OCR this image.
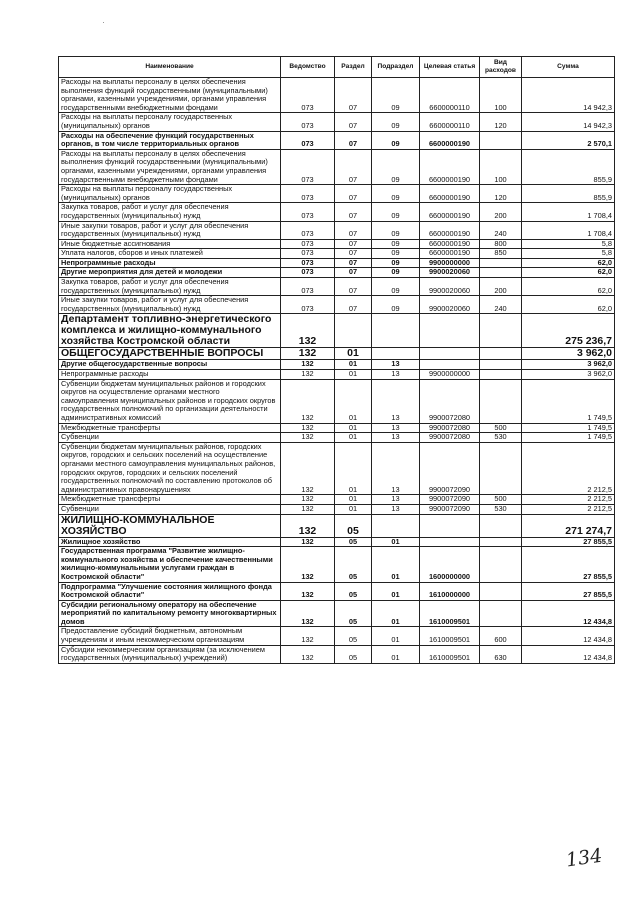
Наименование	Ведомство	Раздел	Подраздел	Целевая статья	Вид расходов	Сумма
Расходы на выплаты персоналу в целях обеспечения выполнения функций государственными (муниципальными) органами, казенными учреждениями, органами управления государственными внебюджетными фондами	073	07	09	6600000110	100	14 942,3
Расходы на выплаты персоналу государственных (муниципальных) органов	073	07	09	6600000110	120	14 942,3
Расходы на обеспечение функций государственных органов, в том числе территориальных органов	073	07	09	6600000190		2 570,1
Расходы на выплаты персоналу в целях обеспечения выполнения функций государственными (муниципальными) органами, казенными учреждениями, органами управления государственными внебюджетными фондами	073	07	09	6600000190	100	855,9
Расходы на выплаты персоналу государственных (муниципальных) органов	073	07	09	6600000190	120	855,9
Закупка товаров, работ и услуг для обеспечения государственных (муниципальных) нужд	073	07	09	6600000190	200	1 708,4
Иные закупки товаров, работ и услуг для обеспечения государственных (муниципальных) нужд	073	07	09	6600000190	240	1 708,4
Иные бюджетные ассигнования	073	07	09	6600000190	800	5,8
Уплата налогов, сборов и иных платежей	073	07	09	6600000190	850	5,8
Непрограммные расходы	073	07	09	9900000000		62,0
Другие мероприятия для детей и молодежи	073	07	09	9900020060		62,0
Закупка товаров, работ и услуг для обеспечения государственных (муниципальных) нужд	073	07	09	9900020060	200	62,0
Иные закупки товаров, работ и услуг для обеспечения государственных (муниципальных) нужд	073	07	09	9900020060	240	62,0
Департамент топливно-энергетического комплекса и жилищно-коммунального хозяйства Костромской области	132					275 236,7
ОБЩЕГОСУДАРСТВЕННЫЕ ВОПРОСЫ	132	01				3 962,0
Другие общегосударственные вопросы	132	01	13			3 962,0
Непрограммные расходы	132	01	13	9900000000		3 962,0
Субвенции бюджетам муниципальных районов и городских округов на осуществление органами местного самоуправления муниципальных районов и городских округов государственных полномочий по организации деятельности административных комиссий	132	01	13	9900072080		1 749,5
Межбюджетные трансферты	132	01	13	9900072080	500	1 749,5
Субвенции	132	01	13	9900072080	530	1 749,5
Субвенции бюджетам муниципальных районов, городских округов, городских и сельских поселений на осуществление органами местного самоуправления муниципальных районов, городских округов, городских и сельских поселений государственных полномочий по составлению протоколов об административных правонарушениях	132	01	13	9900072090		2 212,5
Межбюджетные трансферты	132	01	13	9900072090	500	2 212,5
Субвенции	132	01	13	9900072090	530	2 212,5
ЖИЛИЩНО-КОММУНАЛЬНОЕ ХОЗЯЙСТВО	132	05				271 274,7
Жилищное хозяйство	132	05	01			27 855,5
Государственная программа "Развитие жилищно-коммунального хозяйства и обеспечение качественными жилищно-коммунальными услугами граждан в Костромской области"	132	05	01	1600000000		27 855,5
Подпрограмма "Улучшение состояния жилищного фонда Костромской области"	132	05	01	1610000000		27 855,5
Субсидии региональному оператору на обеспечение мероприятий по капитальному ремонту многоквартирных домов	132	05	01	1610009501		12 434,8
Предоставление субсидий бюджетным, автономным учреждениям и иным некоммерческим организациям	132	05	01	1610009501	600	12 434,8
Субсидии некоммерческим организациям (за исключением государственных (муниципальных) учреждений)	132	05	01	1610009501	630	12 434,8
134
